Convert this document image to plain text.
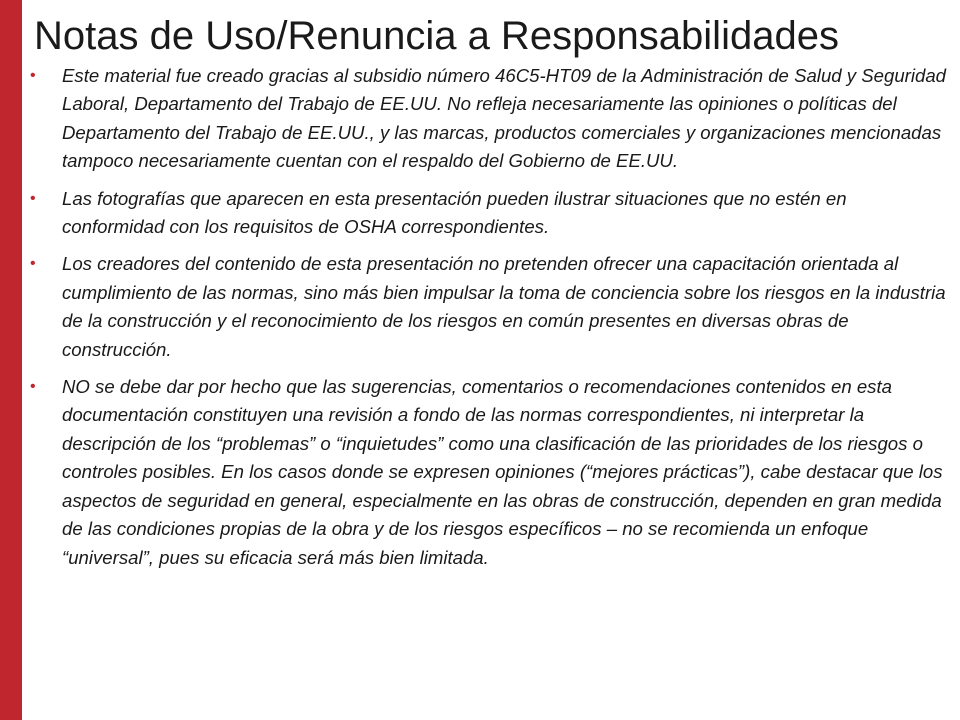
Notas de Uso/Renuncia a Responsabilidades
•	Este material fue creado gracias al subsidio número 46C5-HT09 de la Administración de Salud y Seguridad Laboral, Departamento del Trabajo de EE.UU. No refleja necesariamente las opiniones o políticas del Departamento del Trabajo de EE.UU., y las marcas, productos comerciales y organizaciones mencionadas tampoco necesariamente cuentan con el respaldo del Gobierno de EE.UU.
•	Las fotografías que aparecen en esta presentación pueden ilustrar situaciones que no estén en conformidad con los requisitos de OSHA correspondientes.
•	Los creadores del contenido de esta presentación no pretenden ofrecer una capacitación orientada al cumplimiento de las normas, sino más bien impulsar la toma de conciencia sobre los riesgos en la industria de la construcción y el reconocimiento de los riesgos en común presentes en diversas obras de construcción.
•	NO se debe dar por hecho que las sugerencias, comentarios o recomendaciones contenidos en esta documentación constituyen una revisión a fondo de las normas correspondientes, ni interpretar la descripción de los “problemas” o “inquietudes” como una clasificación de las prioridades de los riesgos o controles posibles. En los casos donde se expresen opiniones (“mejores prácticas”), cabe destacar que los aspectos de seguridad en general, especialmente en las obras de construcción, dependen en gran medida de las condiciones propias de la obra y de los riesgos específicos – no se recomienda un enfoque “universal”, pues su eficacia será más bien limitada.
